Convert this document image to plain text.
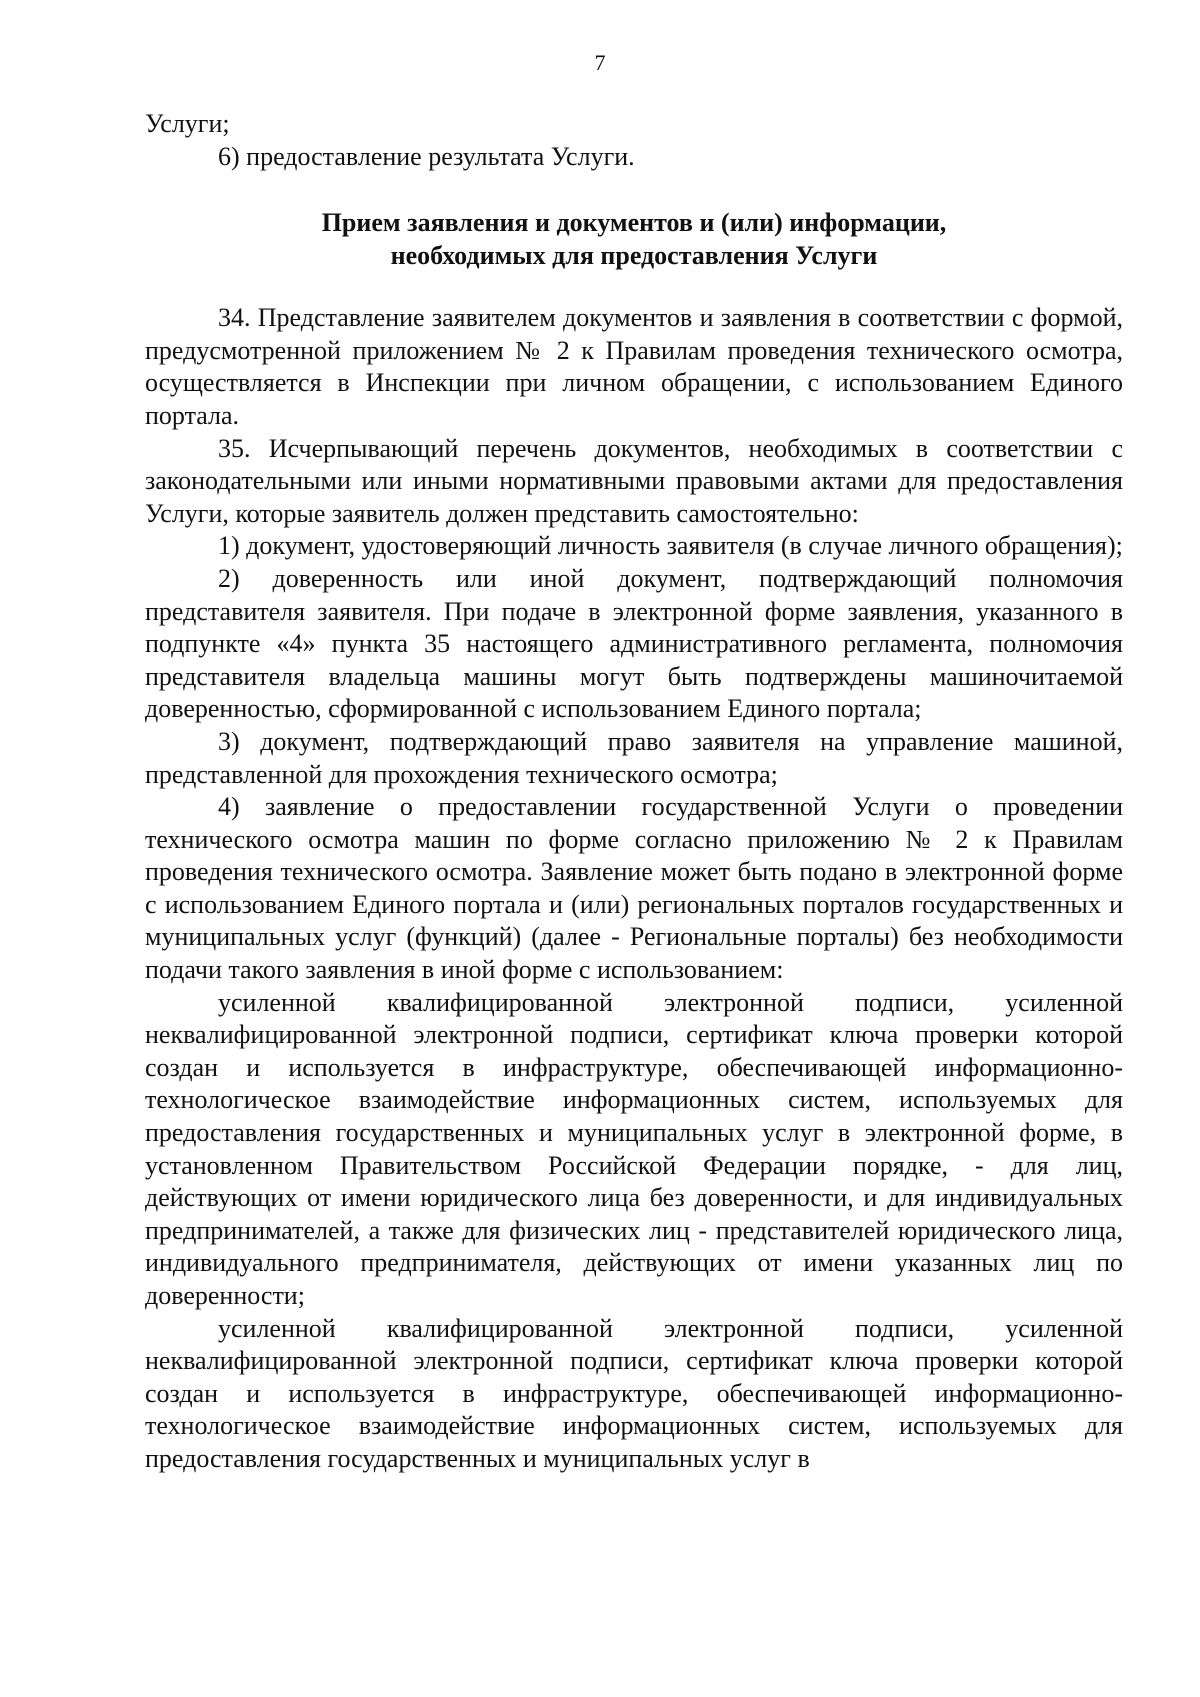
7

Услуги;

6) предоставление результата Услуги.

Прием заявления и документов и (или) информации,
необходимых для предоставления Услуги

34. Представление заявителем документов и заявления в соответствии с формой, предусмотренной приложением № 2 к Правилам проведения технического осмотра, осуществляется в Инспекции при личном обращении, с использованием Единого портала.

35. Исчерпывающий перечень документов, необходимых в соответствии с законодательными или иными нормативными правовыми актами для предоставления Услуги, которые заявитель должен представить самостоятельно:

1) документ, удостоверяющий личность заявителя (в случае личного обращения);

2) доверенность или иной документ, подтверждающий полномочия представителя заявителя. При подаче в электронной форме заявления, указанного в подпункте «4» пункта 35 настоящего административного регламента, полномочия представителя владельца машины могут быть подтверждены машиночитаемой доверенностью, сформированной с использованием Единого портала;

3) документ, подтверждающий право заявителя на управление машиной, представленной для прохождения технического осмотра;

4) заявление о предоставлении государственной Услуги о проведении технического осмотра машин по форме согласно приложению № 2 к Правилам проведения технического осмотра. Заявление может быть подано в электронной форме с использованием Единого портала и (или) региональных порталов государственных и муниципальных услуг (функций) (далее - Региональные порталы) без необходимости подачи такого заявления в иной форме с использованием:

усиленной квалифицированной электронной подписи, усиленной неквалифицированной электронной подписи, сертификат ключа проверки которой создан и используется в инфраструктуре, обеспечивающей информационно-технологическое взаимодействие информационных систем, используемых для предоставления государственных и муниципальных услуг в электронной форме, в установленном Правительством Российской Федерации порядке, - для лиц, действующих от имени юридического лица без доверенности, и для индивидуальных предпринимателей, а также для физических лиц - представителей юридического лица, индивидуального предпринимателя, действующих от имени указанных лиц по доверенности;

усиленной квалифицированной электронной подписи, усиленной неквалифицированной электронной подписи, сертификат ключа проверки которой создан и используется в инфраструктуре, обеспечивающей информационно-технологическое взаимодействие информационных систем, используемых для предоставления государственных и муниципальных услуг в
